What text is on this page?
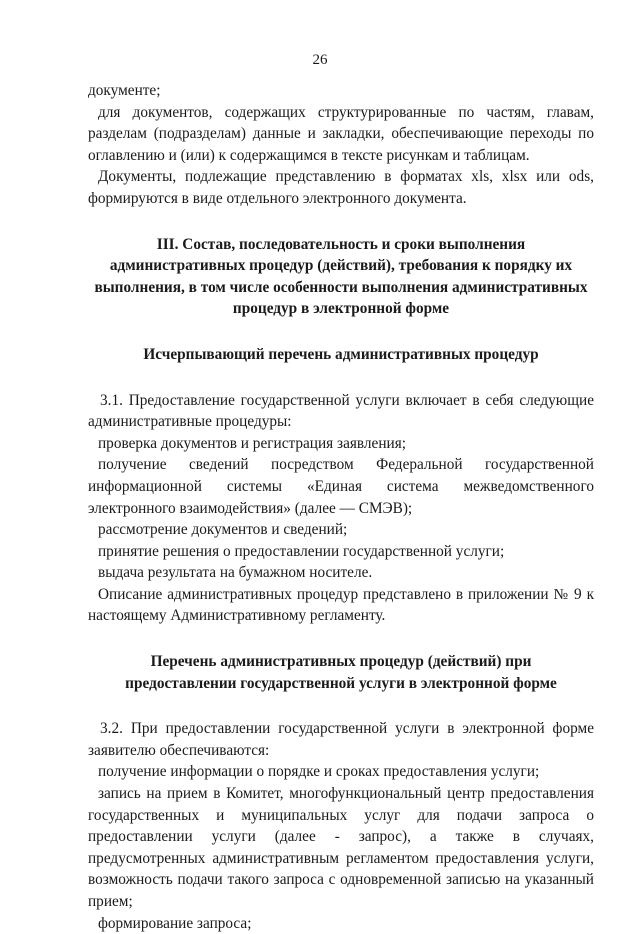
26

документе;

для документов, содержащих структурированные по частям, главам, разделам (подразделам) данные и закладки, обеспечивающие переходы по оглавлению и (или) к содержащимся в тексте рисункам и таблицам.

Документы, подлежащие представлению в форматах xls, xlsx или ods, формируются в виде отдельного электронного документа.

III. Состав, последовательность и сроки выполнения административных процедур (действий), требования к порядку их выполнения, в том числе особенности выполнения административных процедур в электронной форме

Исчерпывающий перечень административных процедур

3.1. Предоставление государственной услуги включает в себя следующие административные процедуры:

проверка документов и регистрация заявления;

получение сведений посредством Федеральной государственной информационной системы «Единая система межведомственного электронного взаимодействия» (далее — СМЭВ);

рассмотрение документов и сведений;

принятие решения о предоставлении государственной услуги;

выдача результата на бумажном носителе.

Описание административных процедур представлено в приложении № 9 к настоящему Административному регламенту.

Перечень административных процедур (действий) при предоставлении государственной услуги в электронной форме

3.2. При предоставлении государственной услуги в электронной форме заявителю обеспечиваются:

получение информации о порядке и сроках предоставления услуги;

запись на прием в Комитет, многофункциональный центр предоставления государственных и муниципальных услуг для подачи запроса о предоставлении услуги (далее - запрос), а также в случаях, предусмотренных административным регламентом предоставления услуги, возможность подачи такого запроса с одновременной записью на указанный прием;

формирование запроса;
